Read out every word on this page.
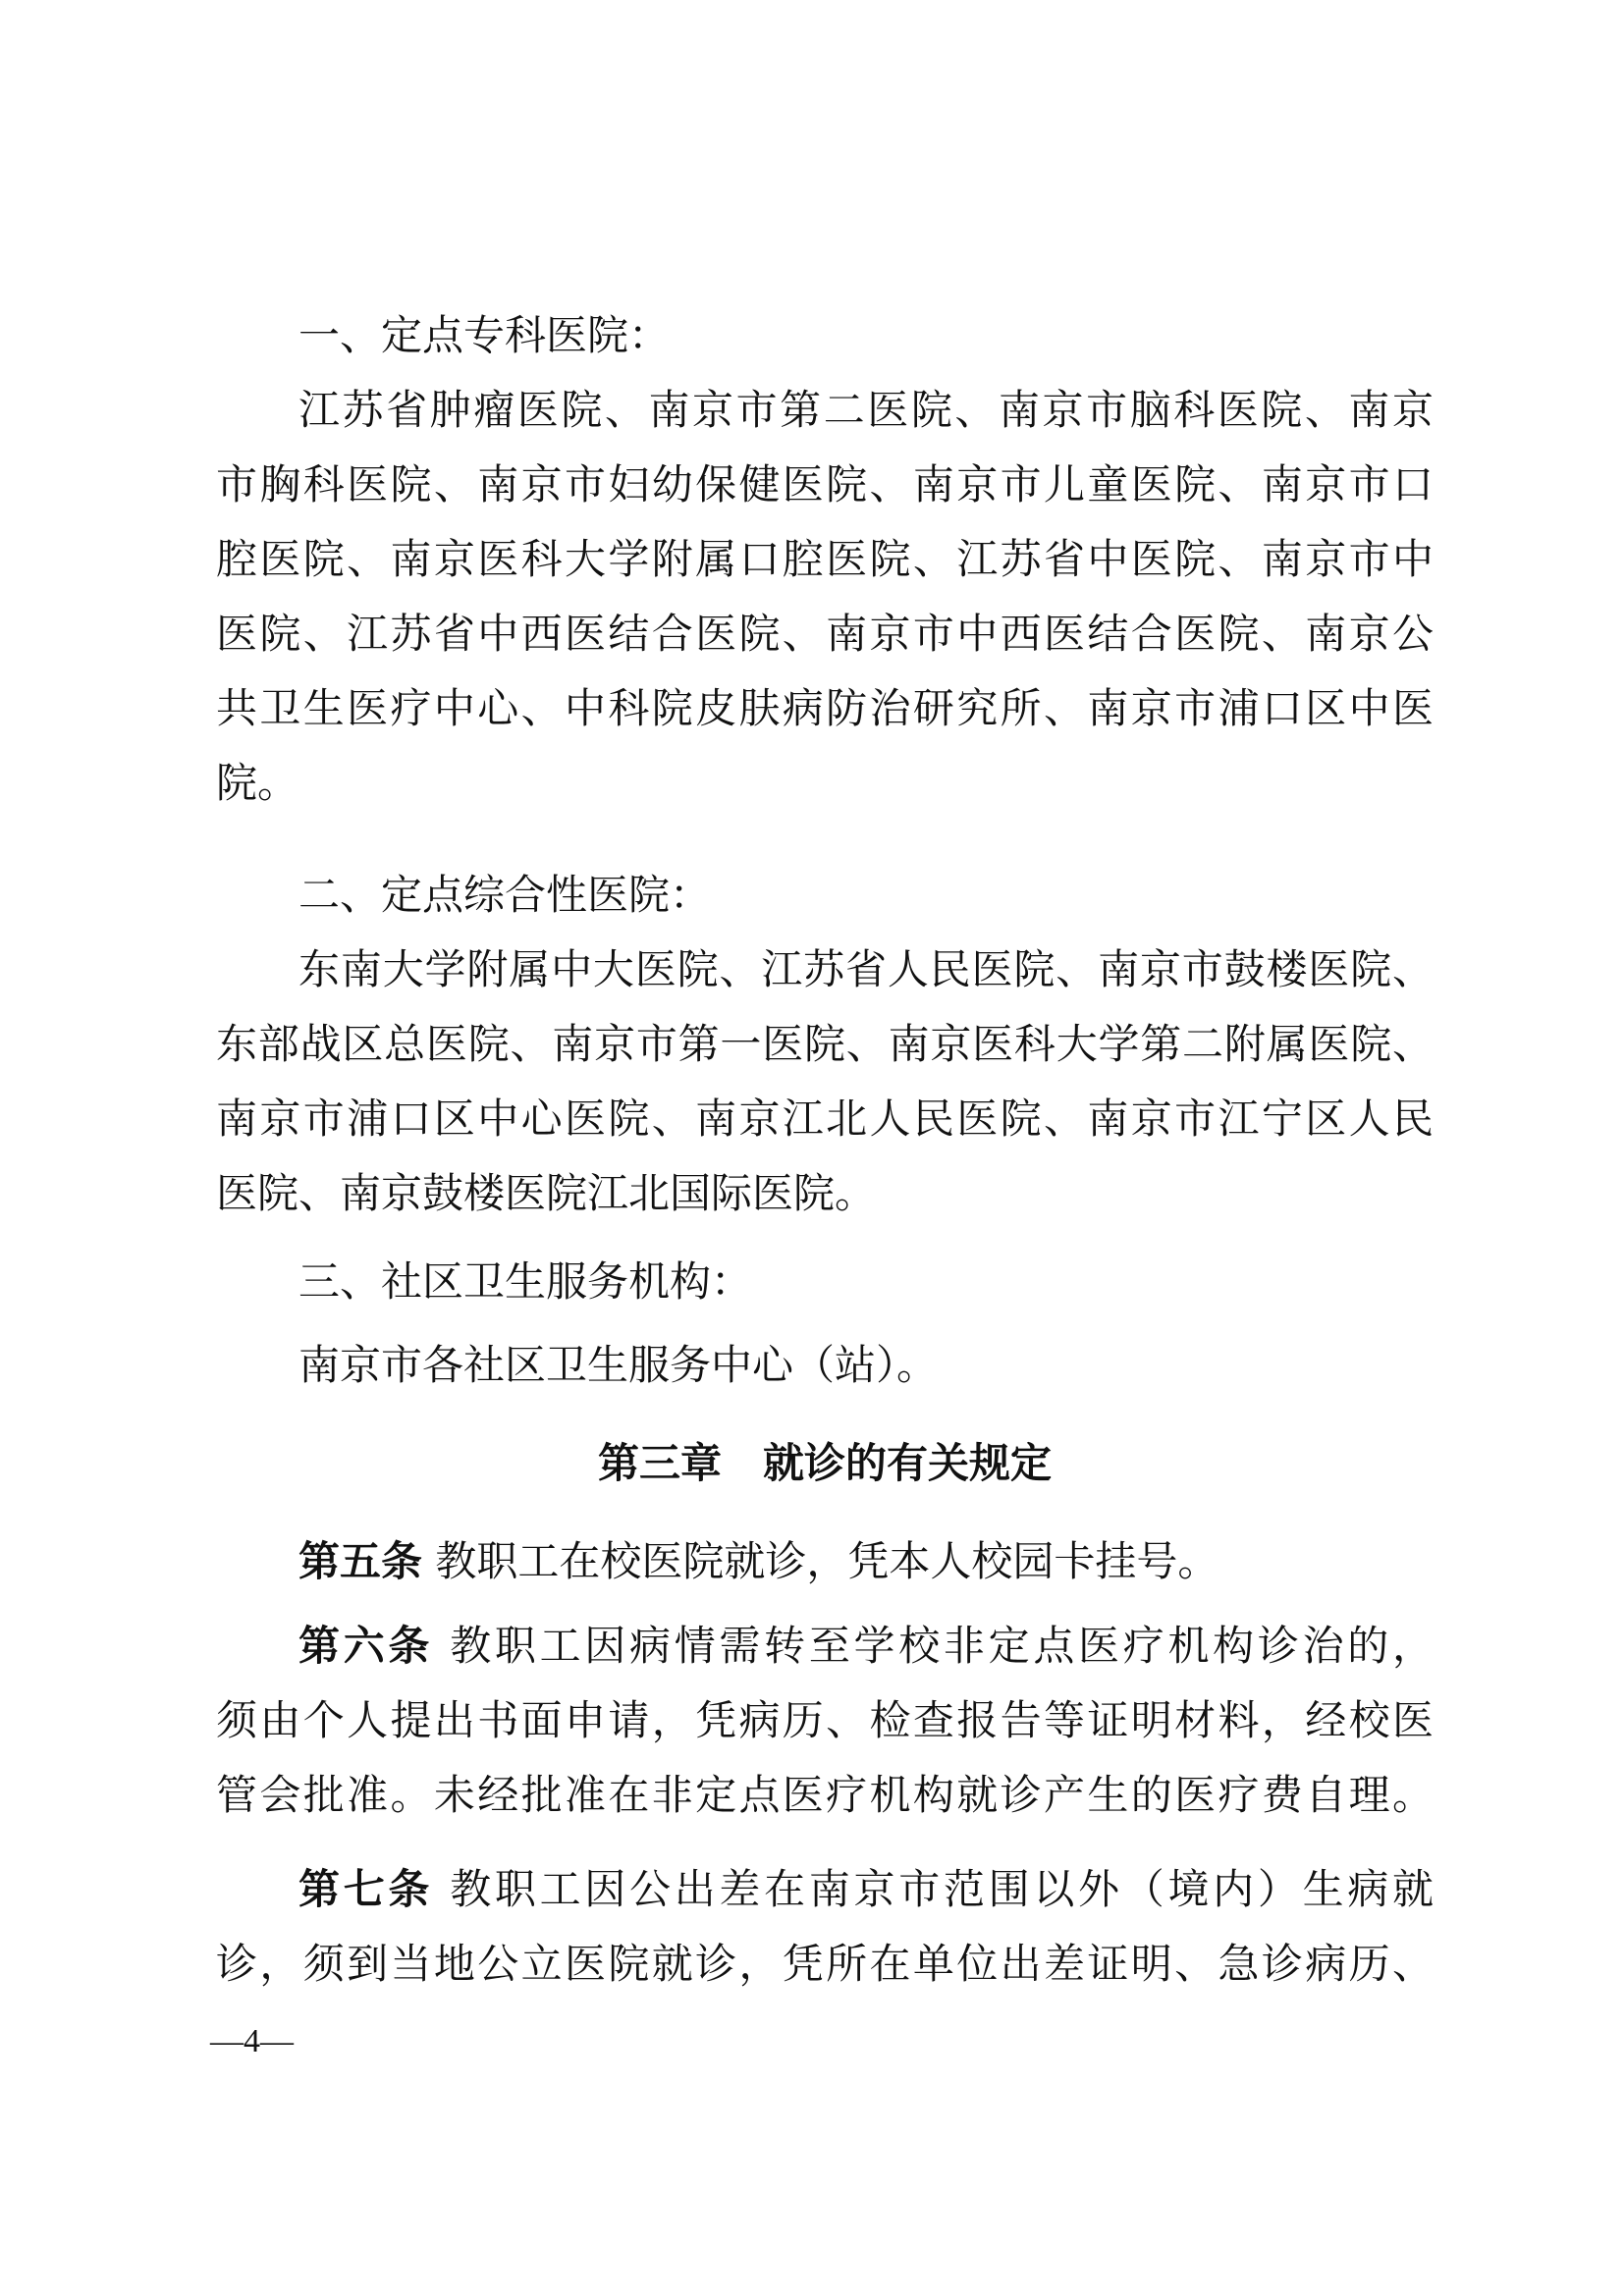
一、定点专科医院：
江苏省肿瘤医院、南京市第二医院、南京市脑科医院、南京
市胸科医院、南京市妇幼保健医院、南京市儿童医院、南京市口
腔医院、南京医科大学附属口腔医院、江苏省中医院、南京市中
医院、江苏省中西医结合医院、南京市中西医结合医院、南京公
共卫生医疗中心、中科院皮肤病防治研究所、南京市浦口区中医
院。
二、定点综合性医院：
东南大学附属中大医院、江苏省人民医院、南京市鼓楼医院、
东部战区总医院、南京市第一医院、南京医科大学第二附属医院、
南京市浦口区中心医院、南京江北人民医院、南京市江宁区人民
医院、南京鼓楼医院江北国际医院。
三、社区卫生服务机构：
南京市各社区卫生服务中心（站）。
第三章　就诊的有关规定
第五条 教职工在校医院就诊，凭本人校园卡挂号。
第六条 教职工因病情需转至学校非定点医疗机构诊治的，
须由个人提出书面申请，凭病历、检查报告等证明材料，经校医
管会批准。未经批准在非定点医疗机构就诊产生的医疗费自理。
第七条 教职工因公出差在南京市范围以外（境内）生病就
诊，须到当地公立医院就诊，凭所在单位出差证明、急诊病历、
—4—
